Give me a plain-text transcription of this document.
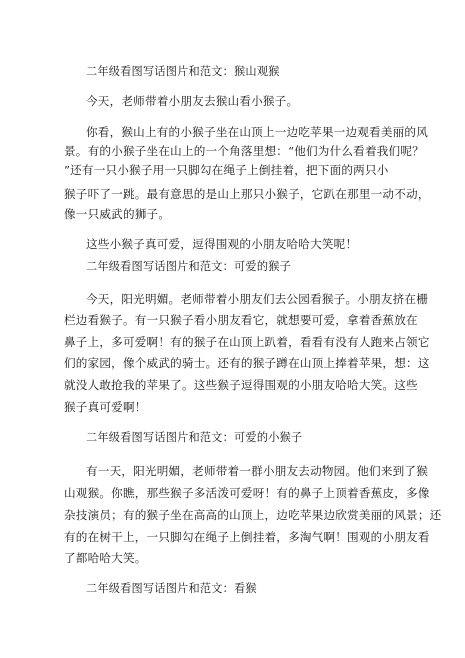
二年级看图写话图片和范文：猴山观猴
今天，老师带着小朋友去猴山看小猴子。
你看，猴山上有的小猴子坐在山顶上一边吃苹果一边观看美丽的风
景。有的小猴子坐在山上的一个角落里想：“他们为什么看着我们呢？
”还有一只小猴子用一只脚勾在绳子上倒挂着，把下面的两只小
猴子吓了一跳。最有意思的是山上那只小猴子，它趴在那里一动不动，
像一只威武的狮子。
这些小猴子真可爱，逗得围观的小朋友哈哈大笑呢！
二年级看图写话图片和范文：可爱的猴子
今天，阳光明媚。老师带着小朋友们去公园看猴子。小朋友挤在栅
栏边看猴子。有一只猴子看小朋友看它，就想要可爱，拿着香蕉放在
鼻子上，多可爱啊！有的猴子在山顶上趴着，看看有没有人跑来占领它
们的家园，像个威武的骑士。还有的猴子蹲在山顶上捧着苹果，想：这
就没人敢抢我的苹果了。这些猴子逗得围观的小朋友哈哈大笑。这些
猴子真可爱啊！
二年级看图写话图片和范文：可爱的小猴子
有一天，阳光明媚，老师带着一群小朋友去动物园。他们来到了猴
山观猴。你瞧，那些猴子多活泼可爱呀！有的鼻子上顶着香蕉皮，多像
杂技演员；有的猴子坐在高高的山顶上，边吃苹果边欣赏美丽的风景；还
有的在树干上，一只脚勾在绳子上倒挂着，多淘气啊！围观的小朋友看
了都哈哈大笑。
二年级看图写话图片和范文：看猴
